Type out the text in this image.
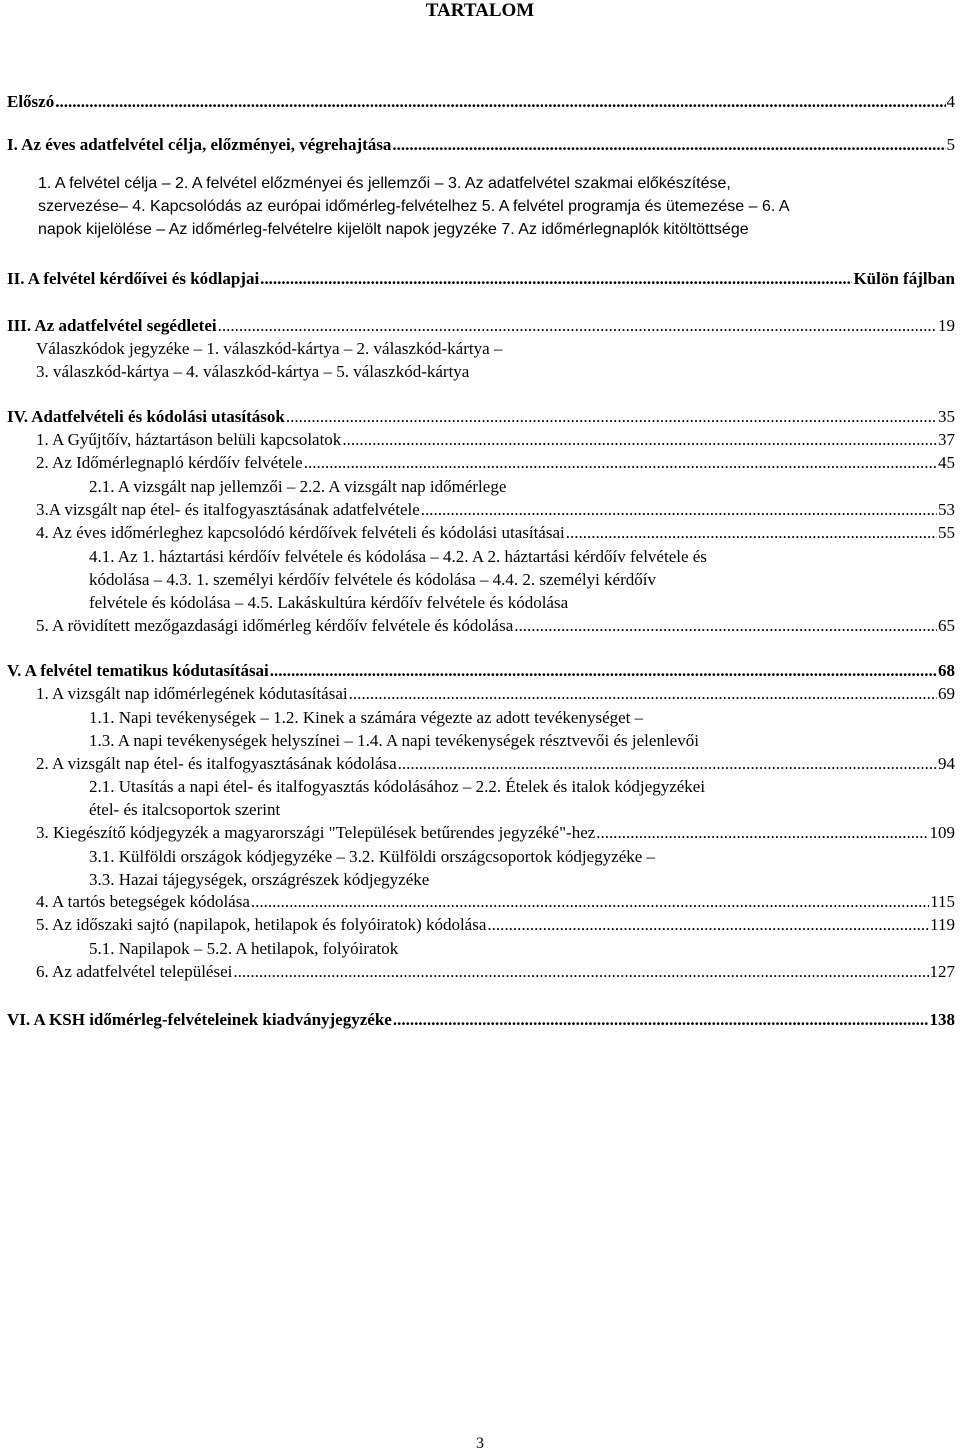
TARTALOM
Előszó .....	4
I. Az éves adatfelvétel célja, előzményei, végrehajtása .....	5
1. A felvétel célja – 2. A felvétel előzményei és jellemzői – 3. Az adatfelvétel szakmai előkészítése,
szervezése– 4. Kapcsolódás az európai időmérleg-felvételhez 5. A felvétel programja és ütemezése – 6. A
napok kijelölése – Az időmérleg-felvételre kijelölt napok jegyzéke 7. Az időmérlegnaplók kitöltöttsége
II. A felvétel kérdőívei és kódlapjai .....	Külön fájlban
III. Az adatfelvétel segédletei .....	19
Válaszkódok jegyzéke – 1. válaszkód-kártya – 2. válaszkód-kártya –
3. válaszkód-kártya – 4. válaszkód-kártya – 5. válaszkód-kártya
IV. Adatfelvételi és kódolási utasítások .....	35
1. A Gyűjtőív, háztartáson belüli kapcsolatok .....	37
2. Az Időmérlegnapló kérdőív felvétele .....	45
2.1. A vizsgált nap jellemzői – 2.2. A vizsgált nap időmérlege
3.A vizsgált nap étel- és italfogyasztásának adatfelvétele .....	53
4. Az éves időmérleghez kapcsolódó kérdőívek felvételi és kódolási utasításai .....	55
4.1. Az 1. háztartási kérdőív felvétele és kódolása – 4.2. A 2. háztartási kérdőív felvétele és
kódolása – 4.3. 1. személyi kérdőív felvétele és kódolása – 4.4. 2. személyi kérdőív
felvétele és kódolása – 4.5. Lakáskultúra kérdőív felvétele és kódolása
5. A rövidített mezőgazdasági időmérleg kérdőív felvétele és kódolása .....	65
V. A felvétel tematikus kódutasításai .....	68
1. A vizsgált nap időmérlegének kódutasításai .....	69
1.1. Napi tevékenységek – 1.2. Kinek a számára végezte az adott tevékenységet –
1.3. A napi tevékenységek helyszínei – 1.4. A napi tevékenységek résztvevői és jelenlevői
2. A vizsgált nap étel- és italfogyasztásának kódolása .....	94
2.1. Utasítás a napi étel- és italfogyasztás kódolásához – 2.2. Ételek és italok kódjegyzékei
étel- és italcsoportok szerint
3. Kiegészítő kódjegyzék a magyarországi "Települések betűrendes jegyzéké"-hez .....	109
3.1. Külföldi országok kódjegyzéke – 3.2. Külföldi országcsoportok kódjegyzéke –
3.3. Hazai tájegységek, országrészek kódjegyzéke
4. A tartós betegségek kódolása .....	115
5. Az időszaki sajtó (napilapok, hetilapok és folyóiratok) kódolása .....	119
5.1. Napilapok – 5.2. A hetilapok, folyóiratok
6. Az adatfelvétel települései .....	127
VI. A KSH időmérleg-felvételeinek kiadványjegyzéke .....	138
3
